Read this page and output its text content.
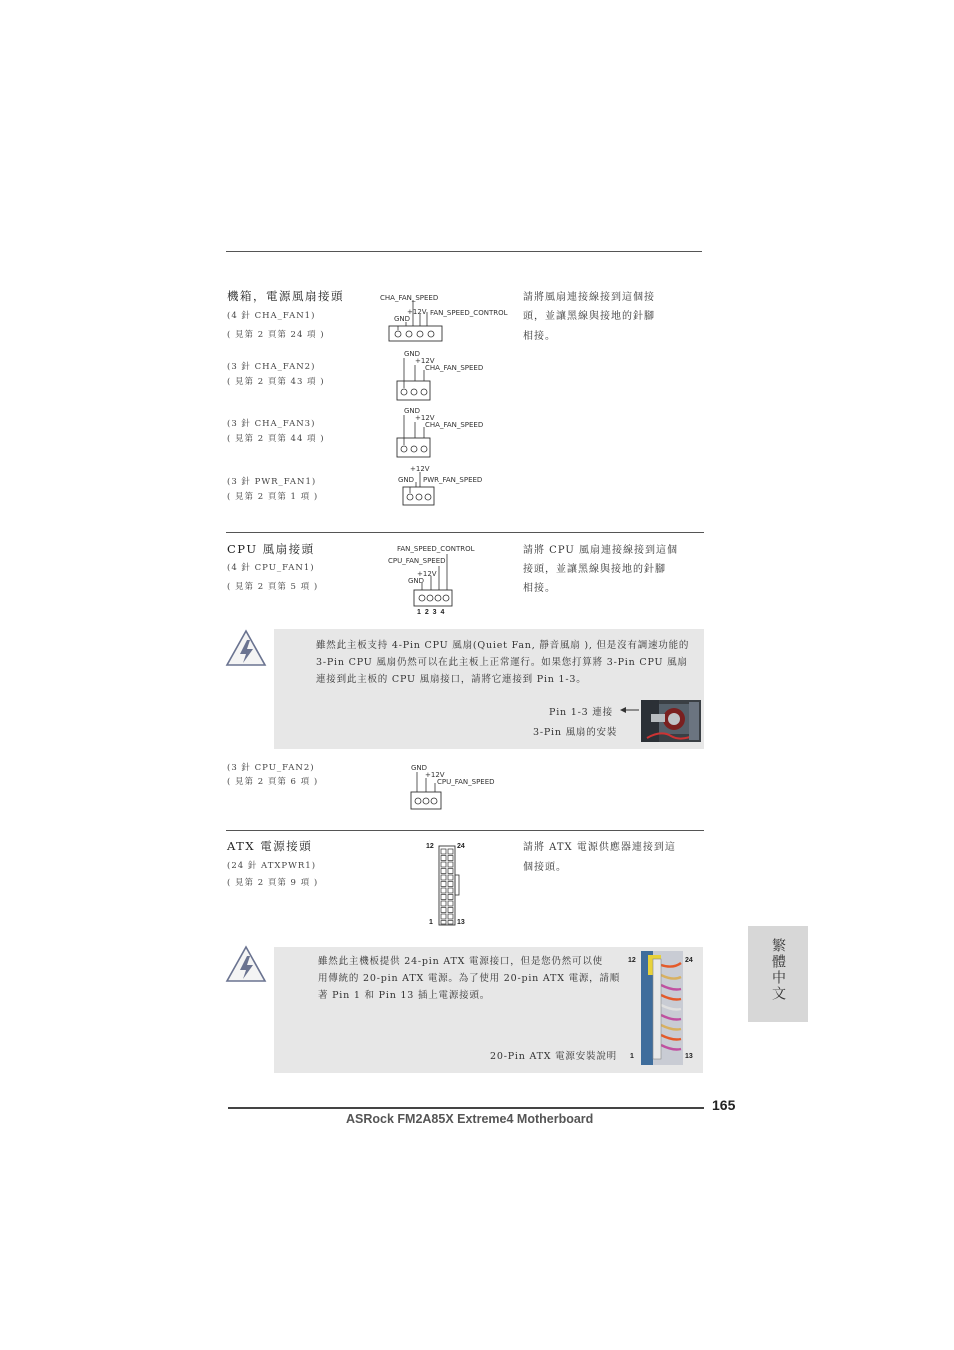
機箱，電源風扇接頭
(4 針 CHA_FAN1)
( 見第 2 頁第 24 項 )
(3 針 CHA_FAN2)
( 見第 2 頁第 43 項 )
(3 針 CHA_FAN3)
( 見第 2 頁第 44 項 )
(3 針 PWR_FAN1)
( 見第 2 頁第 1 項 )
請將風扇連接線接到這個接
頭，並讓黑線與接地的針腳
相接。
CHA_FAN_SPEED
GND
+12V FAN_SPEED_CONTROL
GND
+12V
CHA_FAN_SPEED
GND
+12V
CHA_FAN_SPEED
+12V
GND PWR_FAN_SPEED
CPU 風扇接頭
(4 針 CPU_FAN1)
( 見第 2 頁第 5 項 )
請將 CPU 風扇連接線接到這個
接頭，並讓黑線與接地的針腳
相接。
FAN_SPEED_CONTROL
CPU_FAN_SPEED
+12V
GND
1 2 3 4
雖然此主板支持 4-Pin CPU 風扇(Quiet Fan, 靜音風扇 ), 但是沒有調速功能的
3-Pin CPU 風扇仍然可以在此主板上正常運行。如果您打算將 3-Pin CPU 風扇
連接到此主板的 CPU 風扇接口，請將它連接到 Pin 1-3。
Pin 1-3 連接
3-Pin 風扇的安裝
(3 針 CPU_FAN2)
( 見第 2 頁第 6 項 )
GND
+12V
CPU_FAN_SPEED
ATX 電源接頭
(24 針 ATXPWR1)
( 見第 2 頁第 9 項 )
請將 ATX 電源供應器連接到這
個接頭。
12	24
1	13
雖然此主機板提供 24-pin ATX 電源接口，但是您仍然可以使
用傳統的 20-pin ATX 電源。為了使用 20-pin ATX 電源，請順
著 Pin 1 和 Pin 13 插上電源接頭。
20-Pin ATX 電源安裝說明
12	24
1	13
繁體中文
165
ASRock FM2A85X Extreme4 Motherboard
